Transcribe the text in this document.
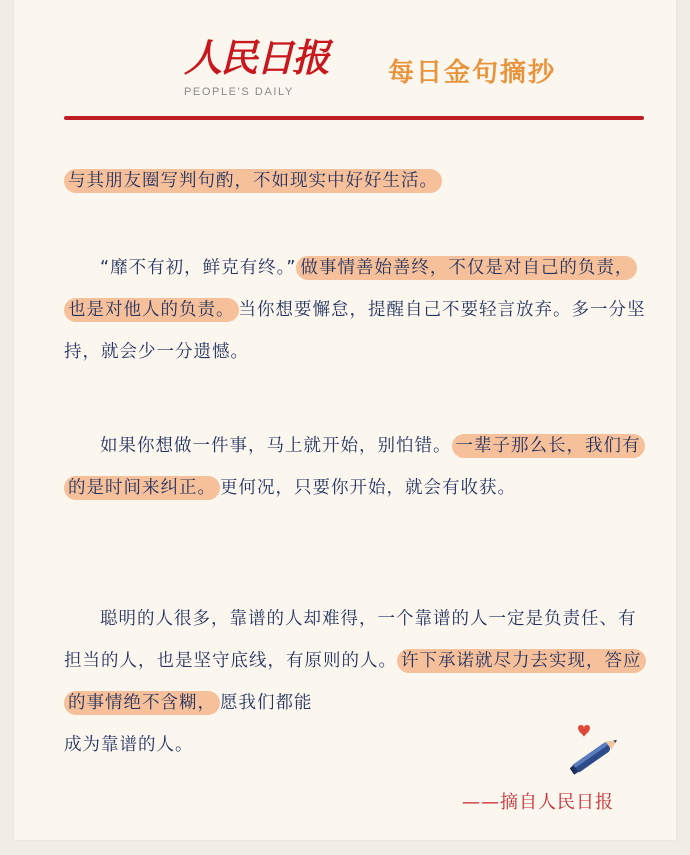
人民日报
PEOPLE'S DAILY
每日金句摘抄
与其朋友圈写判句酌，不如现实中好好生活。
“靡不有初，鲜克有终。” 做事情善始善终，不仅是对自己的负责，也是对他人的负责。 当你想要懈怠，提醒自己不要轻言放弃。多一分坚持，就会少一分遗憾。
如果你想做一件事，马上就开始，别怕错。 一辈子那么长，我们有的是时间来纠正。 更何况，只要你开始，就会有收获。
聪明的人很多，靠谱的人却难得，一个靠谱的人一定是负责任、有担当的人，也是坚守底线，有原则的人。 许下承诺就尽力去实现，答应的事情绝不含糊， 愿我们都能
成为靠谱的人。
——摘自人民日报
